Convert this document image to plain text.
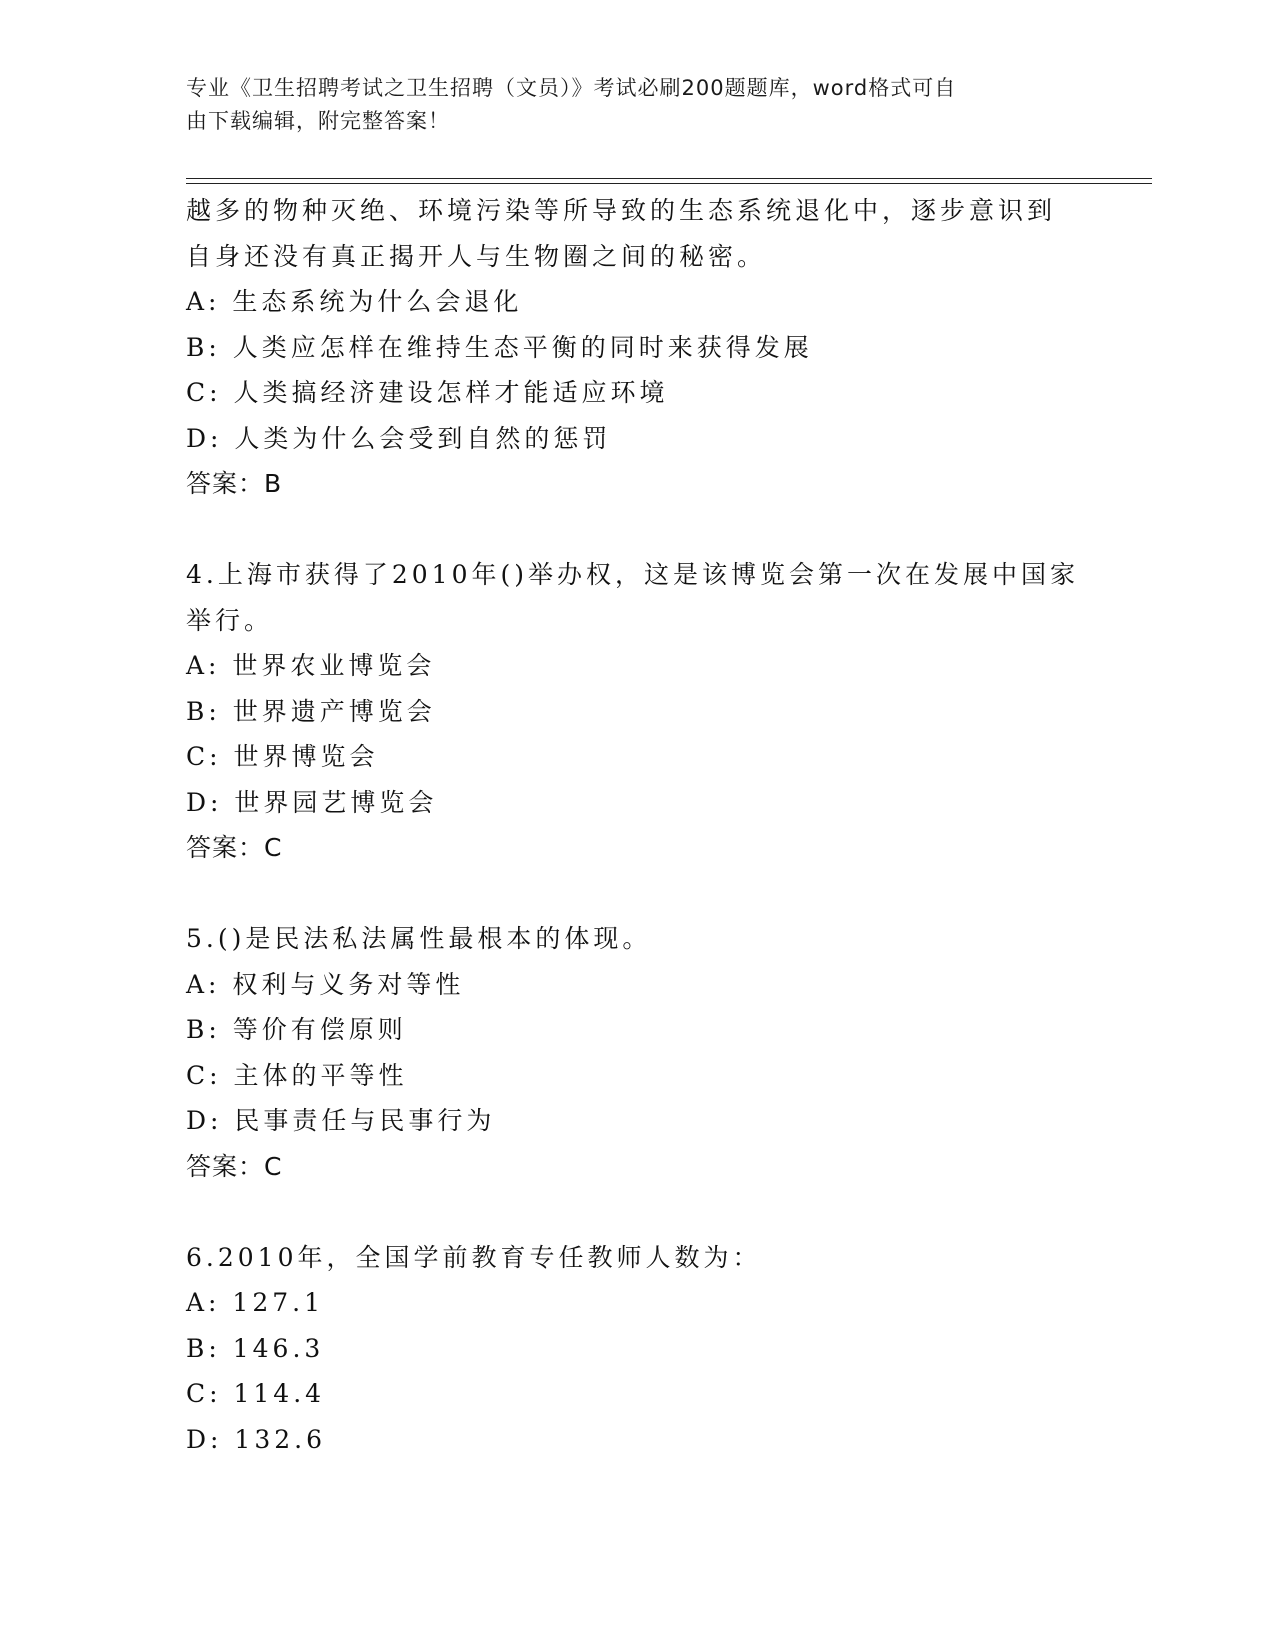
专业《卫生招聘考试之卫生招聘（文员）》考试必刷200题题库，word格式可自
由下载编辑，附完整答案！
越多的物种灭绝、环境污染等所导致的生态系统退化中，逐步意识到
自身还没有真正揭开人与生物圈之间的秘密。
A: 生态系统为什么会退化
B: 人类应怎样在维持生态平衡的同时来获得发展
C: 人类搞经济建设怎样才能适应环境
D: 人类为什么会受到自然的惩罚
答案：B
4.上海市获得了2010年()举办权，这是该博览会第一次在发展中国家
举行。
A: 世界农业博览会
B: 世界遗产博览会
C: 世界博览会
D: 世界园艺博览会
答案：C
5.()是民法私法属性最根本的体现。
A: 权利与义务对等性
B: 等价有偿原则
C: 主体的平等性
D: 民事责任与民事行为
答案：C
6.2010年，全国学前教育专任教师人数为：
A: 127.1
B: 146.3
C: 114.4
D: 132.6
